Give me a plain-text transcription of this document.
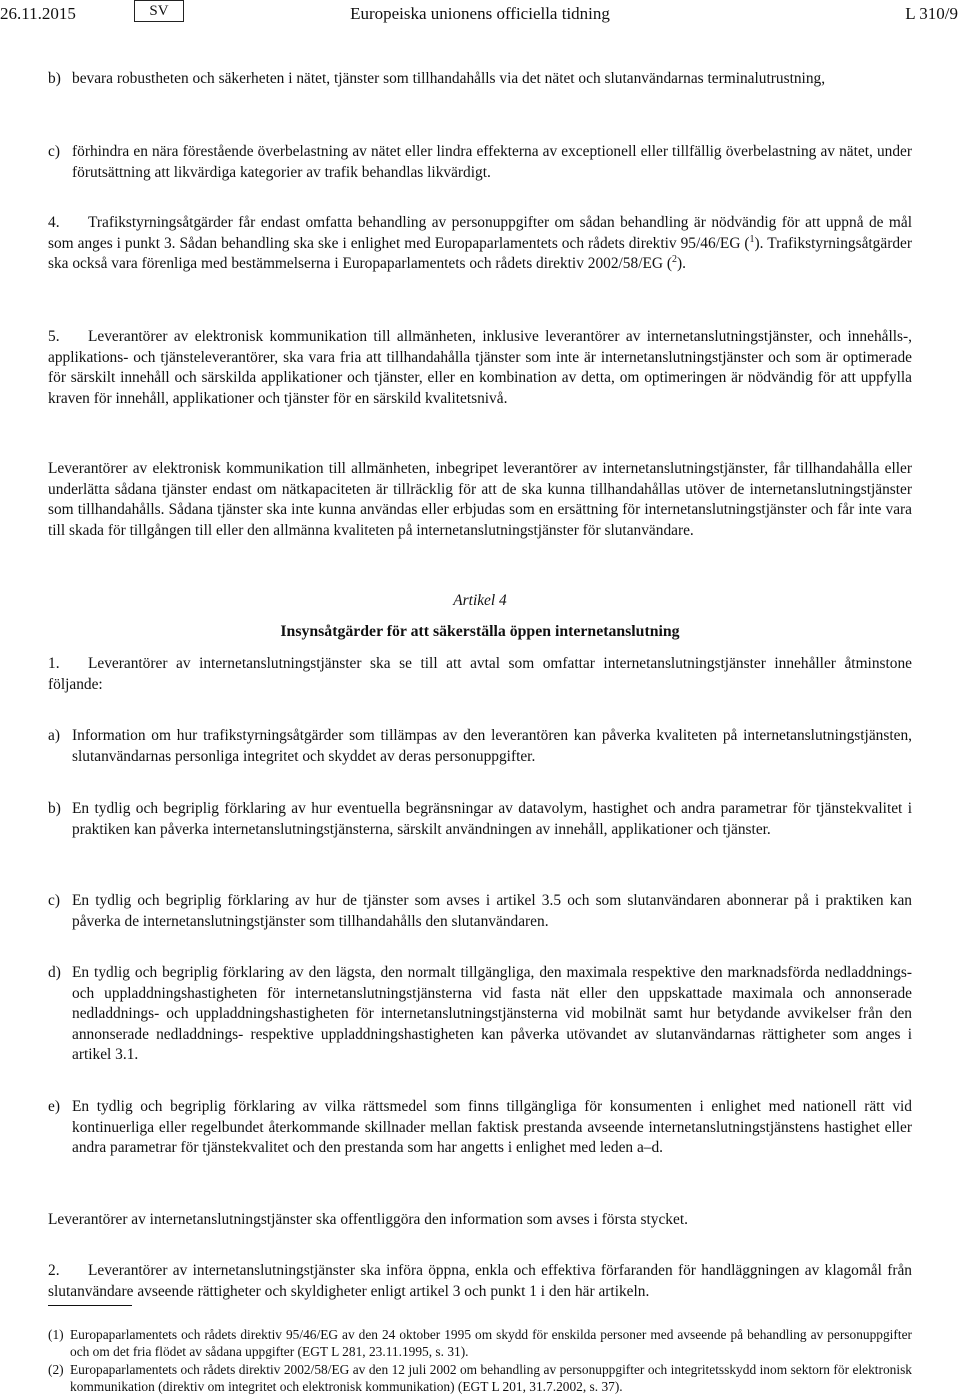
26.11.2015	SV	Europeiska unionens officiella tidning	L 310/9
b) bevara robustheten och säkerheten i nätet, tjänster som tillhandahålls via det nätet och slutanvändarnas terminalutrustning,
c) förhindra en nära förestående överbelastning av nätet eller lindra effekterna av exceptionell eller tillfällig överbelastning av nätet, under förutsättning att likvärdiga kategorier av trafik behandlas likvärdigt.

4. Trafikstyrningsåtgärder får endast omfatta behandling av personuppgifter om sådan behandling är nödvändig för att uppnå de mål som anges i punkt 3. Sådan behandling ska ske i enlighet med Europaparlamentets och rådets direktiv 95/46/EG ($^1$). Trafikstyrningsåtgärder ska också vara förenliga med bestämmelserna i Europaparlamentets och rådets direktiv 2002/58/EG ($^2$).

5. Leverantörer av elektronisk kommunikation till allmänheten, inklusive leverantörer av internetanslutningstjänster, och innehålls-, applikations- och tjänsteleverantörer, ska vara fria att tillhandahålla tjänster som inte är internetanslutningstjänster och som är optimerade för särskilt innehåll och särskilda applikationer och tjänster, eller en kombination av detta, om optimeringen är nödvändig för att uppfylla kraven för innehåll, applikationer och tjänster för en särskild kvalitetsnivå.

Leverantörer av elektronisk kommunikation till allmänheten, inbegripet leverantörer av internetanslutningstjänster, får tillhandahålla eller underlätta sådana tjänster endast om nätkapaciteten är tillräcklig för att de ska kunna tillhandahållas utöver de internetanslutningstjänster som tillhandahålls. Sådana tjänster ska inte kunna användas eller erbjudas som en ersättning för internetanslutningstjänster och får inte vara till skada för tillgången till eller den allmänna kvaliteten på internetanslutningstjänster för slutanvändare.

Artikel 4
Insynsåtgärder för att säkerställa öppen internetanslutning

1. Leverantörer av internetanslutningstjänster ska se till att avtal som omfattar internetanslutningstjänster innehåller åtminstone följande:

a) Information om hur trafikstyrningsåtgärder som tillämpas av den leverantören kan påverka kvaliteten på internetanslutningstjänsten, slutanvändarnas personliga integritet och skyddet av deras personuppgifter.
b) En tydlig och begriplig förklaring av hur eventuella begränsningar av datavolym, hastighet och andra parametrar för tjänstekvalitet i praktiken kan påverka internetanslutningstjänsterna, särskilt användningen av innehåll, applikationer och tjänster.
c) En tydlig och begriplig förklaring av hur de tjänster som avses i artikel 3.5 och som slutanvändaren abonnerar på i praktiken kan påverka de internetanslutningstjänster som tillhandahålls den slutanvändaren.
d) En tydlig och begriplig förklaring av den lägsta, den normalt tillgängliga, den maximala respektive den marknadsförda nedladdnings- och uppladdningshastigheten för internetanslutningstjänsterna vid fasta nät eller den uppskattade maximala och annonserade nedladdnings- och uppladdningshastigheten för internetanslutningstjänsterna vid mobilnät samt hur betydande avvikelser från den annonserade nedladdnings- respektive uppladdningshastigheten kan påverka utövandet av slutanvändarnas rättigheter som anges i artikel 3.1.
e) En tydlig och begriplig förklaring av vilka rättsmedel som finns tillgängliga för konsumenten i enlighet med nationell rätt vid kontinuerliga eller regelbundet återkommande skillnader mellan faktisk prestanda avseende internetanslutningstjänstens hastighet eller andra parametrar för tjänstekvalitet och den prestanda som har angetts i enlighet med leden a–d.

Leverantörer av internetanslutningstjänster ska offentliggöra den information som avses i första stycket.

2. Leverantörer av internetanslutningstjänster ska införa öppna, enkla och effektiva förfaranden för handläggningen av klagomål från slutanvändare avseende rättigheter och skyldigheter enligt artikel 3 och punkt 1 i den här artikeln.

(1) Europaparlamentets och rådets direktiv 95/46/EG av den 24 oktober 1995 om skydd för enskilda personer med avseende på behandling av personuppgifter och om det fria flödet av sådana uppgifter (EGT L 281, 23.11.1995, s. 31).
(2) Europaparlamentets och rådets direktiv 2002/58/EG av den 12 juli 2002 om behandling av personuppgifter och integritetsskydd inom sektorn för elektronisk kommunikation (direktiv om integritet och elektronisk kommunikation) (EGT L 201, 31.7.2002, s. 37).
